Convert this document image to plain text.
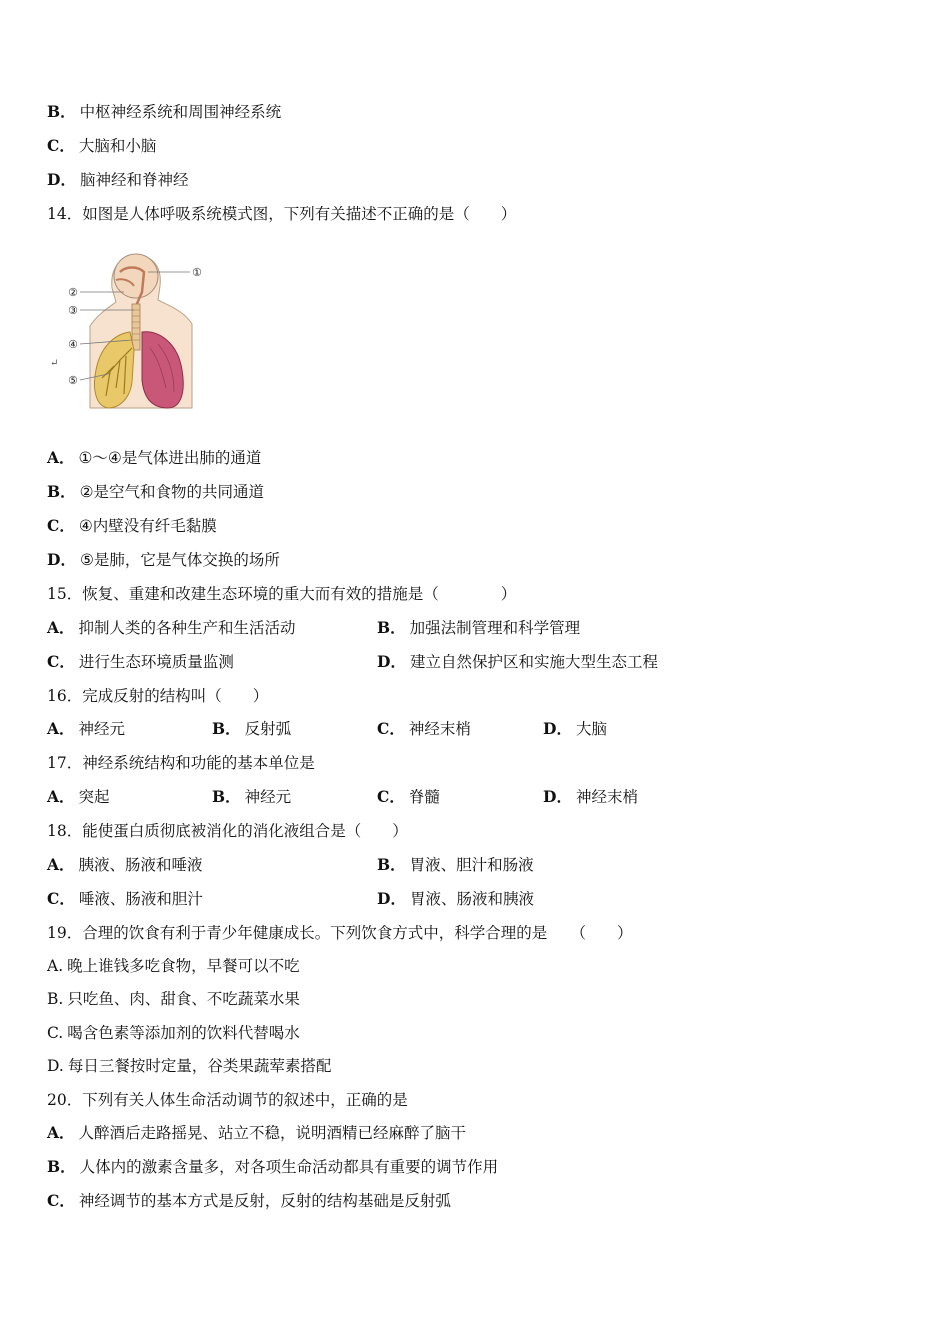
B． 中枢神经系统和周围神经系统
C． 大脑和小脑
D． 脑神经和脊神经
14．如图是人体呼吸系统模式图，下列有关描述不正确的是（　　）
①
②
③
④
⑤
↵
A． ①～④是气体进出肺的通道
B． ②是空气和食物的共同通道
C． ④内壁没有纤毛黏膜
D． ⑤是肺，它是气体交换的场所
15．恢复、重建和改建生态环境的重大而有效的措施是（　　　　）
A． 抑制人类的各种生产和生活活动	B． 加强法制管理和科学管理
C． 进行生态环境质量监测	D． 建立自然保护区和实施大型生态工程
16．完成反射的结构叫（　　）
A． 神经元	B． 反射弧	C． 神经末梢	D． 大脑
17．神经系统结构和功能的基本单位是
A． 突起	B． 神经元	C． 脊髓	D． 神经末梢
18．能使蛋白质彻底被消化的消化液组合是（　　）
A． 胰液、肠液和唾液	B． 胃液、胆汁和肠液
C． 唾液、肠液和胆汁	D． 胃液、肠液和胰液
19．合理的饮食有利于青少年健康成长。下列饮食方式中，科学合理的是　　（　　）
A. 晚上谁钱多吃食物，早餐可以不吃
B. 只吃鱼、肉、甜食、不吃蔬菜水果
C. 喝含色素等添加剂的饮料代替喝水
D. 每日三餐按时定量，谷类果蔬荤素搭配
20．下列有关人体生命活动调节的叙述中，正确的是
A． 人醉酒后走路摇晃、站立不稳，说明酒精已经麻醉了脑干
B． 人体内的激素含量多，对各项生命活动都具有重要的调节作用
C． 神经调节的基本方式是反射，反射的结构基础是反射弧
